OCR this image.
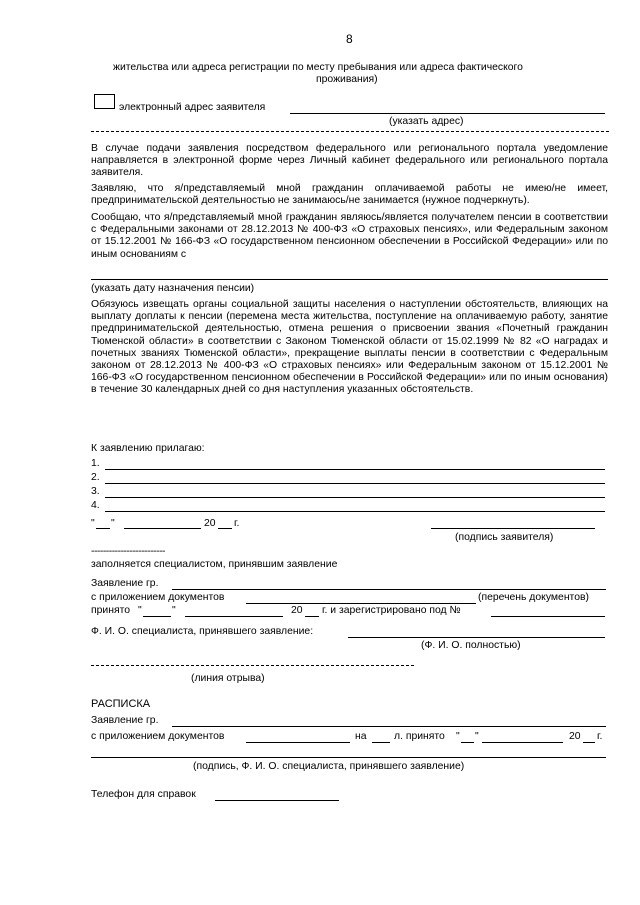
8
жительства или адреса регистрации по месту пребывания или адреса фактического
проживания)
электронный адрес заявителя
(указать адрес)
В случае подачи заявления посредством федерального или регионального портала уведомление направляется в электронной форме через Личный кабинет федерального или регионального портала заявителя.
Заявляю, что я/представляемый мной гражданин оплачиваемой работы не имею/не имеет, предпринимательской деятельностью не занимаюсь/не занимается (нужное подчеркнуть).
Сообщаю, что я/представляемый мной гражданин являюсь/является получателем пенсии в соответствии с Федеральными законами от 28.12.2013 № 400-ФЗ «О страховых пенсиях», или Федеральным законом от 15.12.2001 № 166-ФЗ «О государственном пенсионном обеспечении в Российской Федерации» или по иным основаниям с
(указать дату назначения пенсии)
Обязуюсь извещать органы социальной защиты населения о наступлении обстоятельств, влияющих на выплату доплаты к пенсии (перемена места жительства, поступление на оплачиваемую работу, занятие предпринимательской деятельностью, отмена решения о присвоении звания «Почетный гражданин Тюменской области» в соответствии с Законом Тюменской области от 15.02.1999 № 82 «О наградах и почетных званиях Тюменской области», прекращение выплаты пенсии в соответствии с Федеральным законом от 28.12.2013 № 400-ФЗ «О страховых пенсиях» или Федеральным законом от 15.12.2001 № 166-ФЗ «О государственном пенсионном обеспечении в Российской Федерации» или по иным основания) в течение 30 календарных дней со дня наступления указанных обстоятельств.
К заявлению прилагаю:
1.
2.
3.
4.
" "	20 г.
(подпись заявителя)
-------------------------
заполняется специалистом, принявшим заявление
Заявление гр.
с приложением документов	(перечень документов)
принято "	"	20 г. и зарегистрировано под №
Ф. И. О. специалиста, принявшего заявление:
(Ф. И. О. полностью)
(линия отрыва)
РАСПИСКА
Заявление гр.
с приложением документов	на	л. принято " "	20 г.
(подпись, Ф. И. О. специалиста, принявшего заявление)
Телефон для справок
